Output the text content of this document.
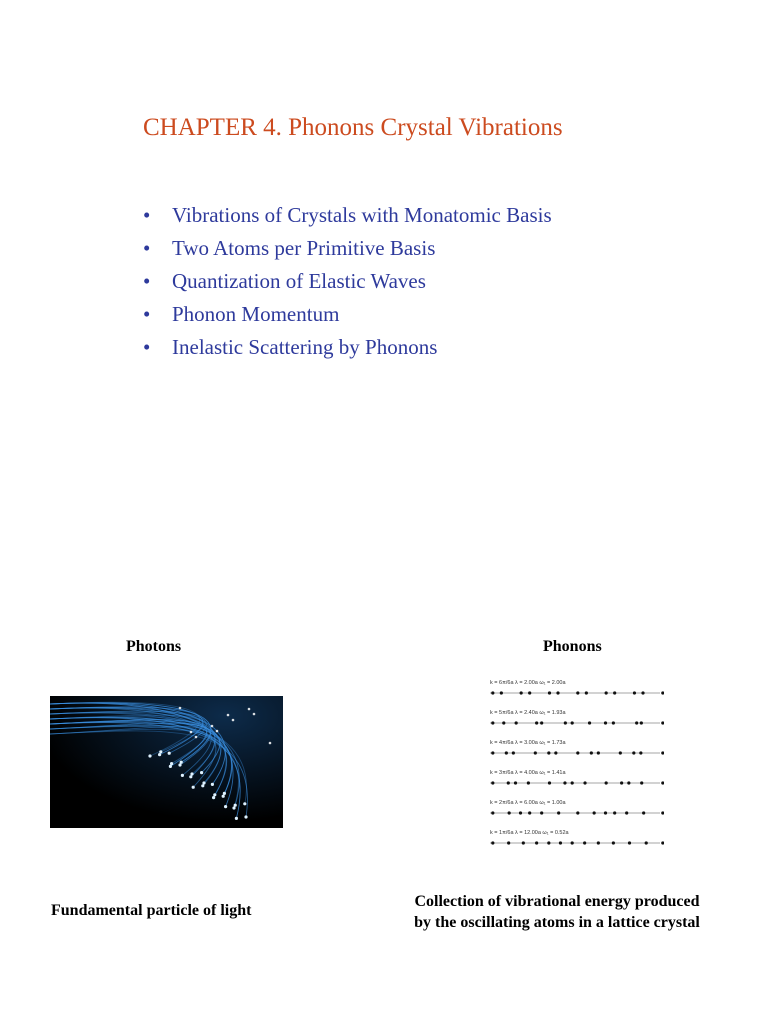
CHAPTER 4. Phonons Crystal Vibrations
• Vibrations of Crystals with Monatomic Basis
• Two Atoms per Primitive Basis
• Quantization of Elastic Waves
• Phonon Momentum
• Inelastic Scattering by Phonons
Photons	Phonons
k = 6π/6a λ = 2.00a ω₁ = 2.00a
k = 5π/6a λ = 2.40a ω₁ = 1.93a
k = 4π/6a λ = 3.00a ω₁ = 1.73a
k = 3π/6a λ = 4.00a ω₁ = 1.41a
k = 2π/6a λ = 6.00a ω₁ = 1.00a
k = 1π/6a λ = 12.00a ω₁ = 0.52a
Fundamental particle of light
Collection of vibrational energy produced
by the oscillating atoms in a lattice crystal
